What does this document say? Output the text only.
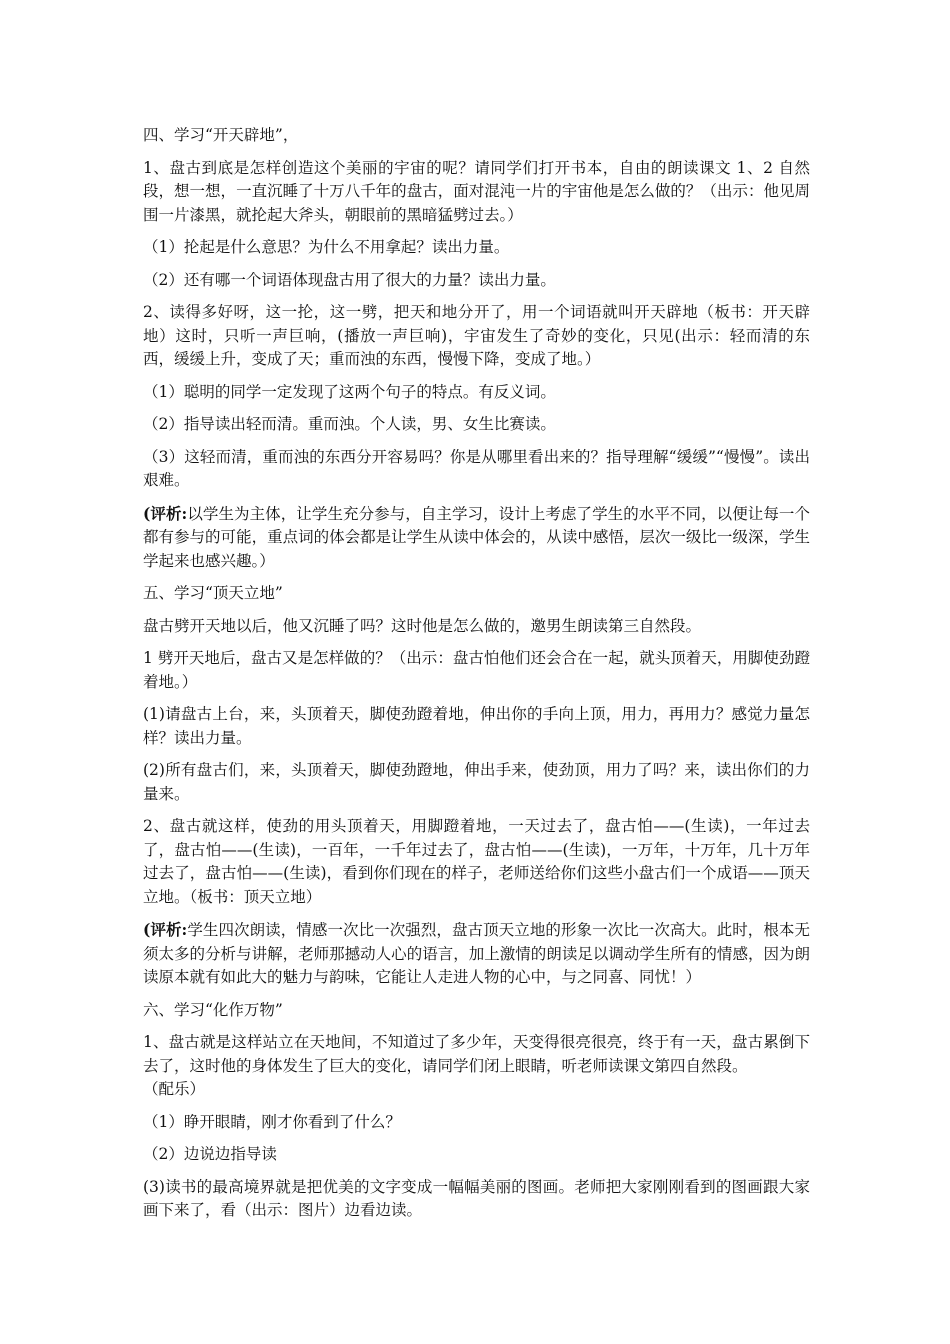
四、学习“开天辟地”，

1、盘古到底是怎样创造这个美丽的宇宙的呢？请同学们打开书本，自由的朗读课文 1、2 自然段，想一想，一直沉睡了十万八千年的盘古，面对混沌一片的宇宙他是怎么做的？（出示：他见周围一片漆黑，就抡起大斧头，朝眼前的黑暗猛劈过去。）

（1）抡起是什么意思？为什么不用拿起？读出力量。

（2）还有哪一个词语体现盘古用了很大的力量？读出力量。

2、读得多好呀，这一抡，这一劈，把天和地分开了，用一个词语就叫开天辟地（板书：开天辟地）这时，只听一声巨响，(播放一声巨响)，宇宙发生了奇妙的变化，只见(出示：轻而清的东西，缓缓上升，变成了天；重而浊的东西，慢慢下降，变成了地。）

（1）聪明的同学一定发现了这两个句子的特点。有反义词。

（2）指导读出轻而清。重而浊。个人读，男、女生比赛读。

（3）这轻而清，重而浊的东西分开容易吗？你是从哪里看出来的？指导理解“缓缓”“慢慢”。读出艰难。

(评析:以学生为主体，让学生充分参与，自主学习，设计上考虑了学生的水平不同，以便让每一个都有参与的可能，重点词的体会都是让学生从读中体会的，从读中感悟，层次一级比一级深，学生学起来也感兴趣。）

五、学习“顶天立地”

盘古劈开天地以后，他又沉睡了吗？这时他是怎么做的，邀男生朗读第三自然段。

1 劈开天地后，盘古又是怎样做的？（出示：盘古怕他们还会合在一起，就头顶着天，用脚使劲蹬着地。）

(1)请盘古上台，来，头顶着天，脚使劲蹬着地，伸出你的手向上顶，用力，再用力？感觉力量怎样？读出力量。

(2)所有盘古们，来，头顶着天，脚使劲蹬地，伸出手来，使劲顶，用力了吗？来，读出你们的力量来。

2、盘古就这样，使劲的用头顶着天，用脚蹬着地，一天过去了，盘古怕——(生读)，一年过去了，盘古怕——(生读)，一百年，一千年过去了，盘古怕——(生读)，一万年，十万年，几十万年过去了，盘古怕——(生读)，看到你们现在的样子，老师送给你们这些小盘古们一个成语——顶天立地。（板书：顶天立地）

(评析:学生四次朗读，情感一次比一次强烈，盘古顶天立地的形象一次比一次高大。此时，根本无须太多的分析与讲解，老师那撼动人心的语言，加上激情的朗读足以调动学生所有的情感，因为朗读原本就有如此大的魅力与韵味，它能让人走进人物的心中，与之同喜、同忧！）

六、学习“化作万物”

1、盘古就是这样站立在天地间，不知道过了多少年，天变得很亮很亮，终于有一天，盘古累倒下去了，这时他的身体发生了巨大的变化，请同学们闭上眼睛，听老师读课文第四自然段。

（配乐）

（1）睁开眼睛，刚才你看到了什么？

（2）边说边指导读

(3)读书的最高境界就是把优美的文字变成一幅幅美丽的图画。老师把大家刚刚看到的图画跟大家画下来了，看（出示：图片）边看边读。
